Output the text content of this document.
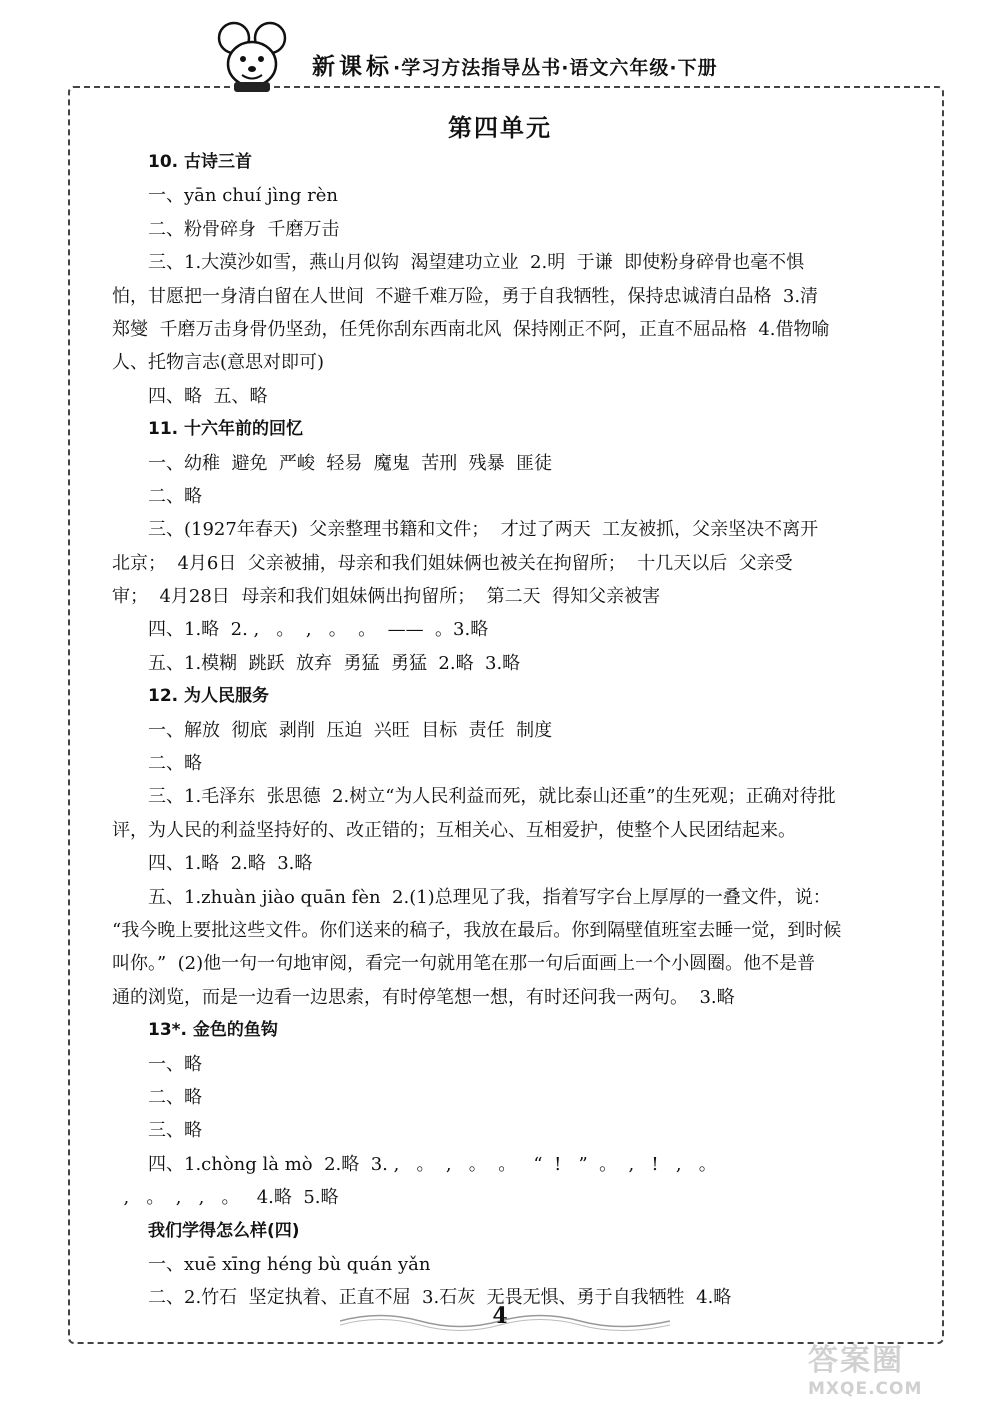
新课标·学习方法指导丛书·语文六年级·下册
第四单元
10. 古诗三首
一、yān chuí jìng rèn
二、粉骨碎身  千磨万击
三、1.大漠沙如雪，燕山月似钩  渴望建功立业  2.明  于谦  即使粉身碎骨也毫不惧
怕，甘愿把一身清白留在人世间  不避千难万险，勇于自我牺牲，保持忠诚清白品格  3.清
郑燮  千磨万击身骨仍坚劲，任凭你刮东西南北风  保持刚正不阿，正直不屈品格  4.借物喻
人、托物言志(意思对即可)
四、略  五、略
11. 十六年前的回忆
一、幼稚  避免  严峻  轻易  魔鬼  苦刑  残暴  匪徒
二、略
三、(1927年春天)  父亲整理书籍和文件；  才过了两天  工友被抓，父亲坚决不离开
北京；  4月6日  父亲被捕，母亲和我们姐妹俩也被关在拘留所；  十几天以后  父亲受
审；  4月28日  母亲和我们姐妹俩出拘留所；  第二天  得知父亲被害
四、1.略  2. ,   。  ,   。  。  ——  。3.略
五、1.模糊  跳跃  放弃  勇猛  勇猛  2.略  3.略
12. 为人民服务
一、解放  彻底  剥削  压迫  兴旺  目标  责任  制度
二、略
三、1.毛泽东  张思德  2.树立“为人民利益而死，就比泰山还重”的生死观；正确对待批
评，为人民的利益坚持好的、改正错的；互相关心、互相爱护，使整个人民团结起来。
四、1.略  2.略  3.略
五、1.zhuàn jiào quān fèn  2.(1)总理见了我，指着写字台上厚厚的一叠文件，说：
“我今晚上要批这些文件。你们送来的稿子，我放在最后。你到隔壁值班室去睡一觉，到时候
叫你。”  (2)他一句一句地审阅，看完一句就用笔在那一句后面画上一个小圆圈。他不是普
通的浏览，而是一边看一边思索，有时停笔想一想，有时还问我一两句。  3.略
13*. 金色的鱼钩
一、略
二、略
三、略
四、1.chòng là mò  2.略  3. ,   。  ,   。  。   “  !   ”  。  ,   !   ,   。
,   。  ,   ,   。   4.略  5.略
我们学得怎么样(四)
一、xuē xīng héng bù quán yǎn
二、2.竹石  坚定执着、正直不屈  3.石灰  无畏无惧、勇于自我牺牲  4.略
4
答案圈
MXQE.COM
